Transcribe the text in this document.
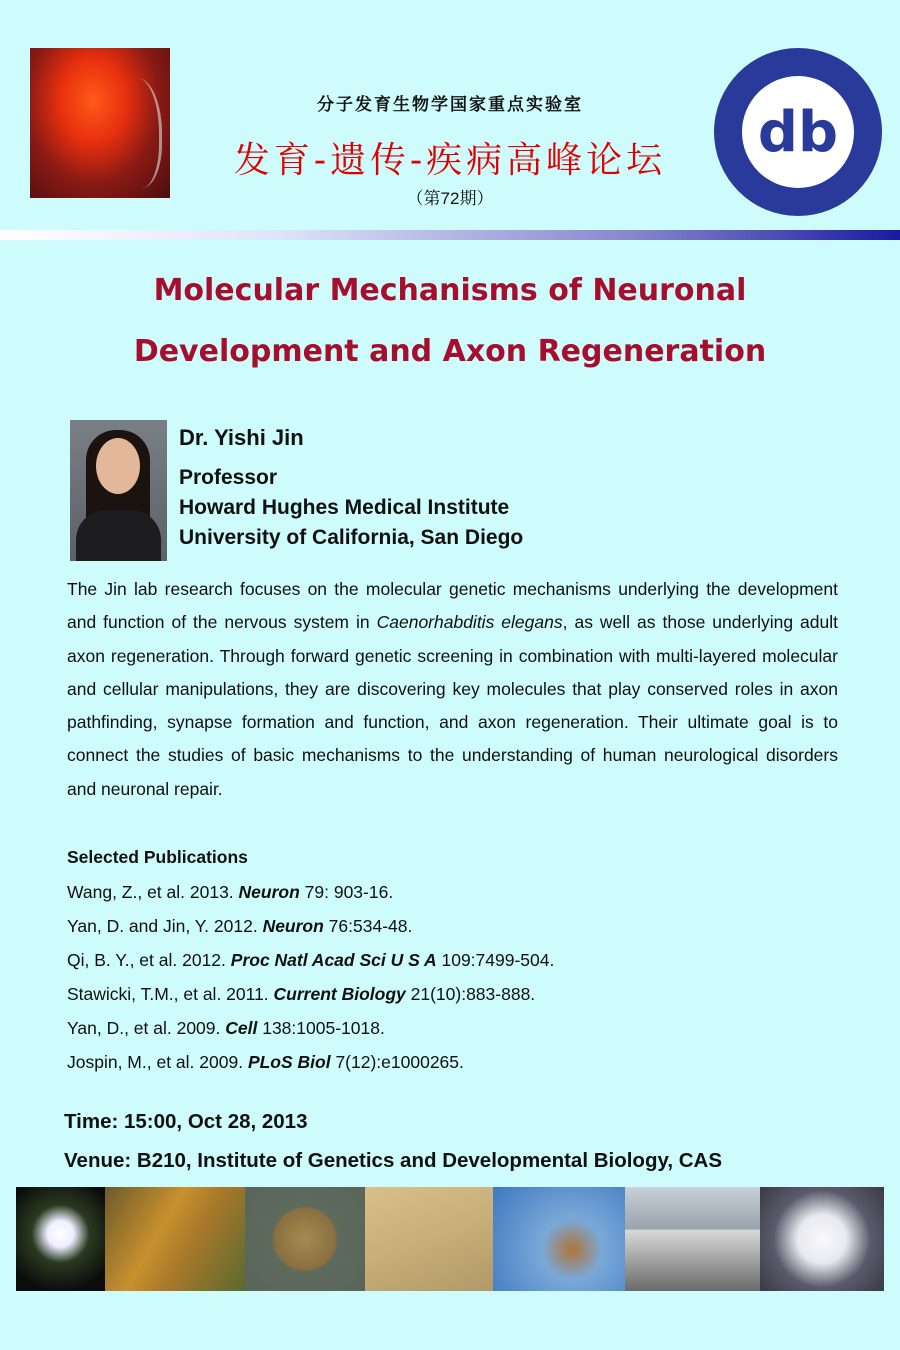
分子发育生物学国家重点实验室
发育-遗传-疾病高峰论坛
（第72期）
db
Molecular Mechanisms of Neuronal
Development and Axon Regeneration
Dr. Yishi Jin
Professor
Howard Hughes Medical Institute
University of California, San Diego
The Jin lab research focuses on the molecular genetic mechanisms underlying the development and function of the nervous system in Caenorhabditis elegans, as well as those underlying adult axon regeneration. Through forward genetic screening in combination with multi-layered molecular and cellular manipulations, they are discovering key molecules that play conserved roles in axon pathfinding, synapse formation and function, and axon regeneration. Their ultimate goal is to connect the studies of basic mechanisms to the understanding of human neurological disorders and neuronal repair.
Selected Publications
Wang, Z., et al. 2013. Neuron 79: 903-16.
Yan, D. and Jin, Y. 2012. Neuron 76:534-48.
Qi, B. Y., et al. 2012. Proc Natl Acad Sci U S A 109:7499-504.
Stawicki, T.M., et al. 2011. Current Biology 21(10):883-888.
Yan, D., et al. 2009. Cell 138:1005-1018.
Jospin, M., et al. 2009. PLoS Biol 7(12):e1000265.
Time: 15:00, Oct 28, 2013
Venue: B210, Institute of Genetics and Developmental Biology, CAS
